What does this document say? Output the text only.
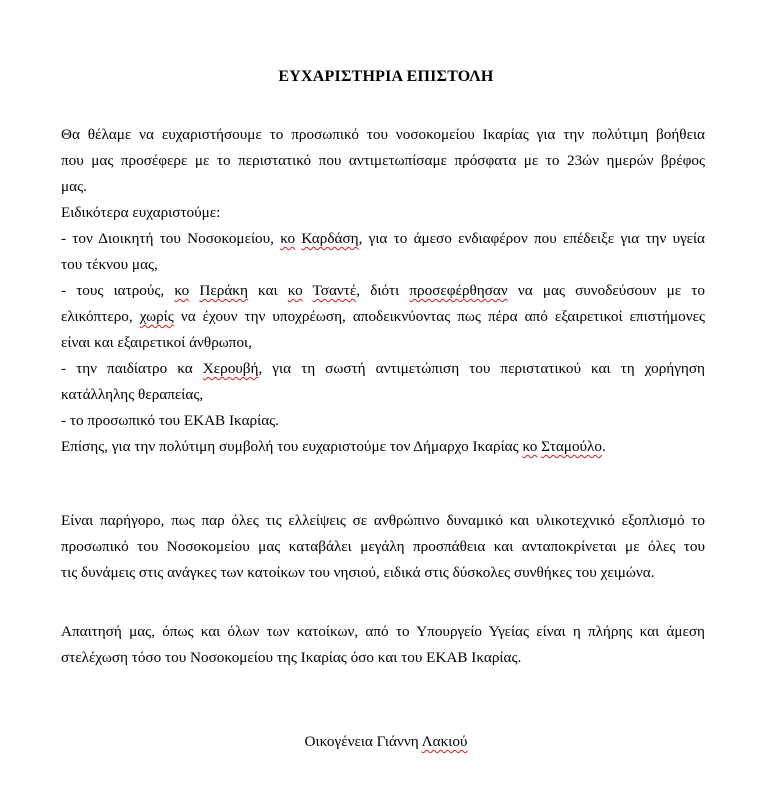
ΕΥΧΑΡΙΣΤΗΡΙΑ ΕΠΙΣΤΟΛΗ
Θα θέλαμε να ευχαριστήσουμε το προσωπικό του νοσοκομείου Ικαρίας για την πολύτιμη βοήθεια
που μας προσέφερε με το περιστατικό που αντιμετωπίσαμε πρόσφατα με το 23ών ημερών βρέφος
μας.
Ειδικότερα ευχαριστούμε:
- τον Διοικητή του Νοσοκομείου, κο Καρδάση, για το άμεσο ενδιαφέρον που επέδειξε για την υγεία
του τέκνου μας,
- τους ιατρούς, κο Περάκη και κο Τσαντέ, διότι προσεφέρθησαν να μας συνοδεύσουν με το
ελικόπτερο, χωρίς να έχουν την υποχρέωση, αποδεικνύοντας πως πέρα από εξαιρετικοί επιστήμονες
είναι και εξαιρετικοί άνθρωποι,
- την παιδίατρο κα Χερουβή, για τη σωστή αντιμετώπιση του περιστατικού και τη χορήγηση
κατάλληλης θεραπείας,
- το προσωπικό του ΕΚΑΒ Ικαρίας.
Επίσης, για την πολύτιμη συμβολή του ευχαριστούμε τον Δήμαρχο Ικαρίας κο Σταμούλο.
Είναι παρήγορο, πως παρ όλες τις ελλείψεις σε ανθρώπινο δυναμικό και υλικοτεχνικό εξοπλισμό το
προσωπικό του Νοσοκομείου μας καταβάλει μεγάλη προσπάθεια και ανταποκρίνεται με όλες του
τις δυνάμεις στις ανάγκες των κατοίκων του νησιού, ειδικά στις δύσκολες συνθήκες του χειμώνα.
Απαιτησή μας, όπως και όλων των κατοίκων, από το Υπουργείο Υγείας είναι η πλήρης και άμεση
στελέχωση τόσο του Νοσοκομείου της Ικαρίας όσο και του ΕΚΑΒ Ικαρίας.
Οικογένεια Γιάννη Λακιού
